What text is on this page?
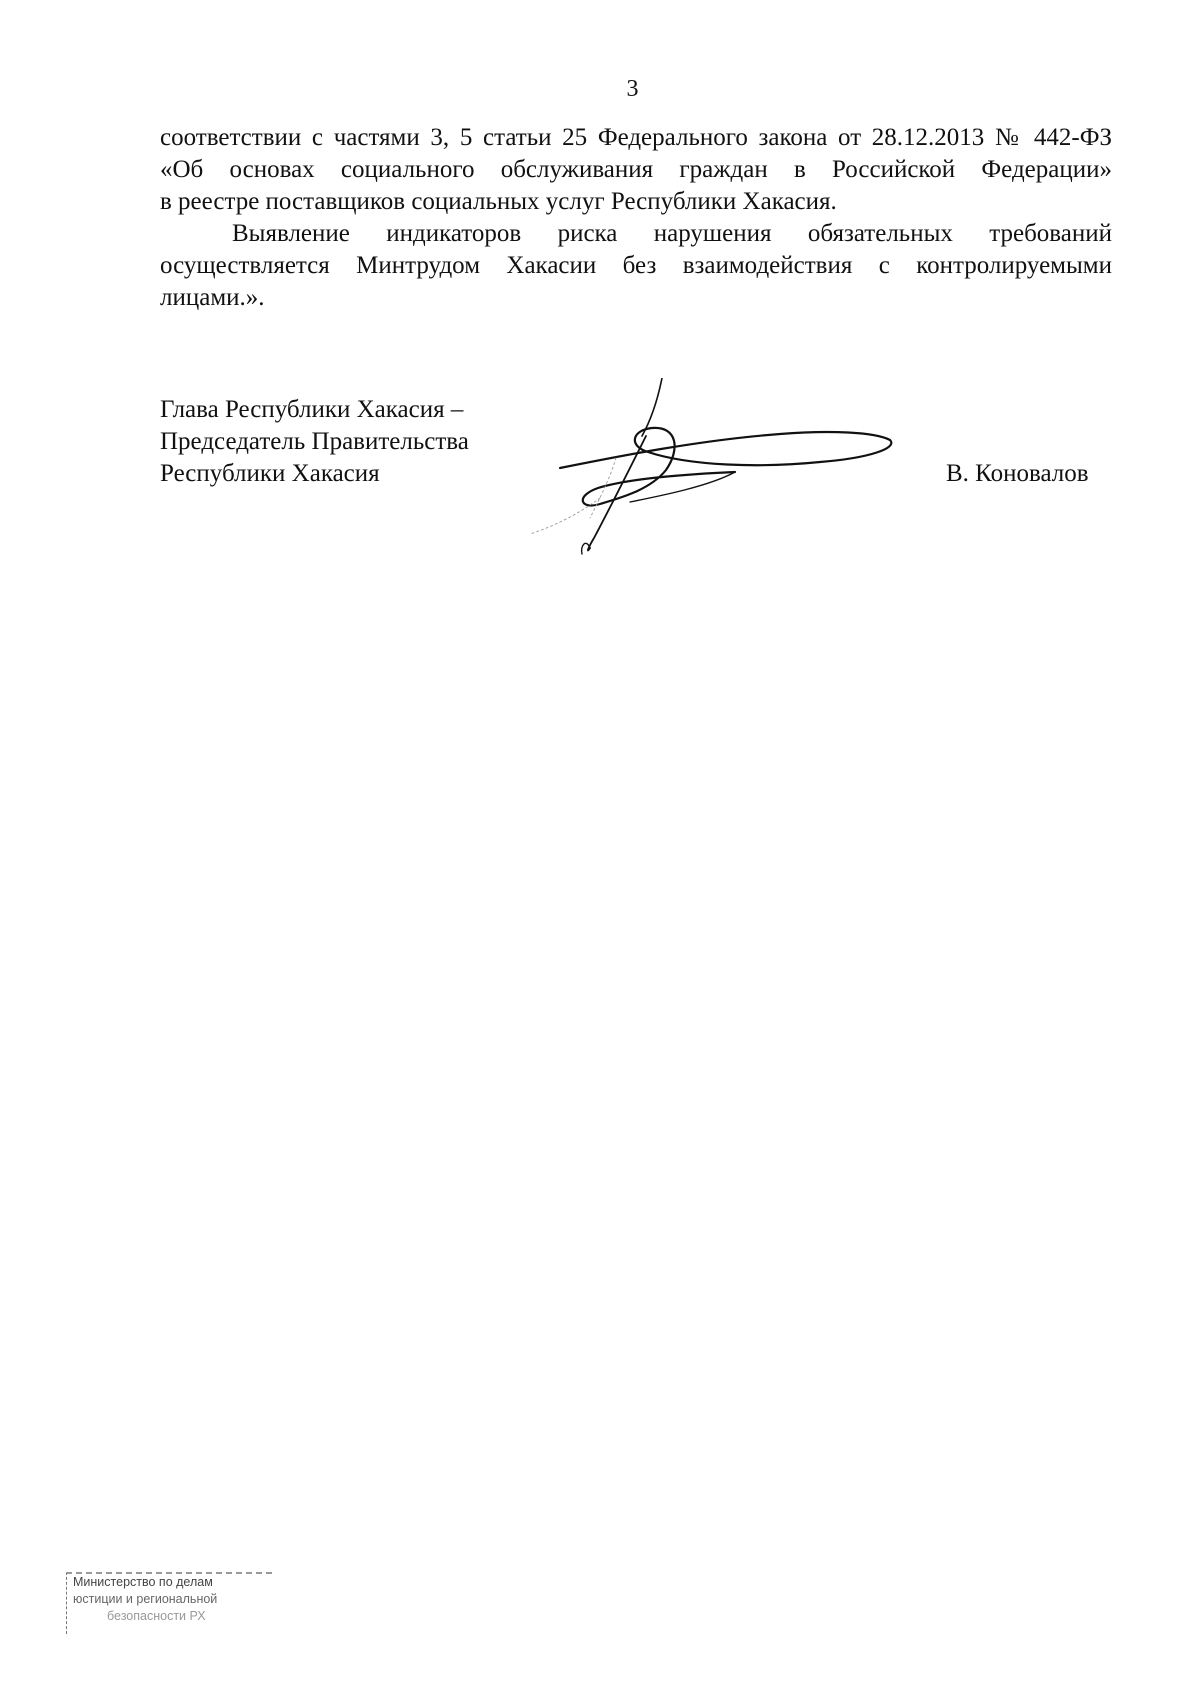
3

соответствии с частями 3, 5 статьи 25 Федерального закона от 28.12.2013 № 442-ФЗ
«Об основах социального обслуживания граждан в Российской Федерации»
в реестре поставщиков социальных услуг Республики Хакасия.

Выявление индикаторов риска нарушения обязательных требований
осуществляется Минтрудом Хакасии без взаимодействия с контролируемыми
лицами.».

Глава Республики Хакасия –
Председатель Правительства
Республики Хакасия	В. Коновалов
Министерство по делам
юстиции и региональной
безопасности РХ
